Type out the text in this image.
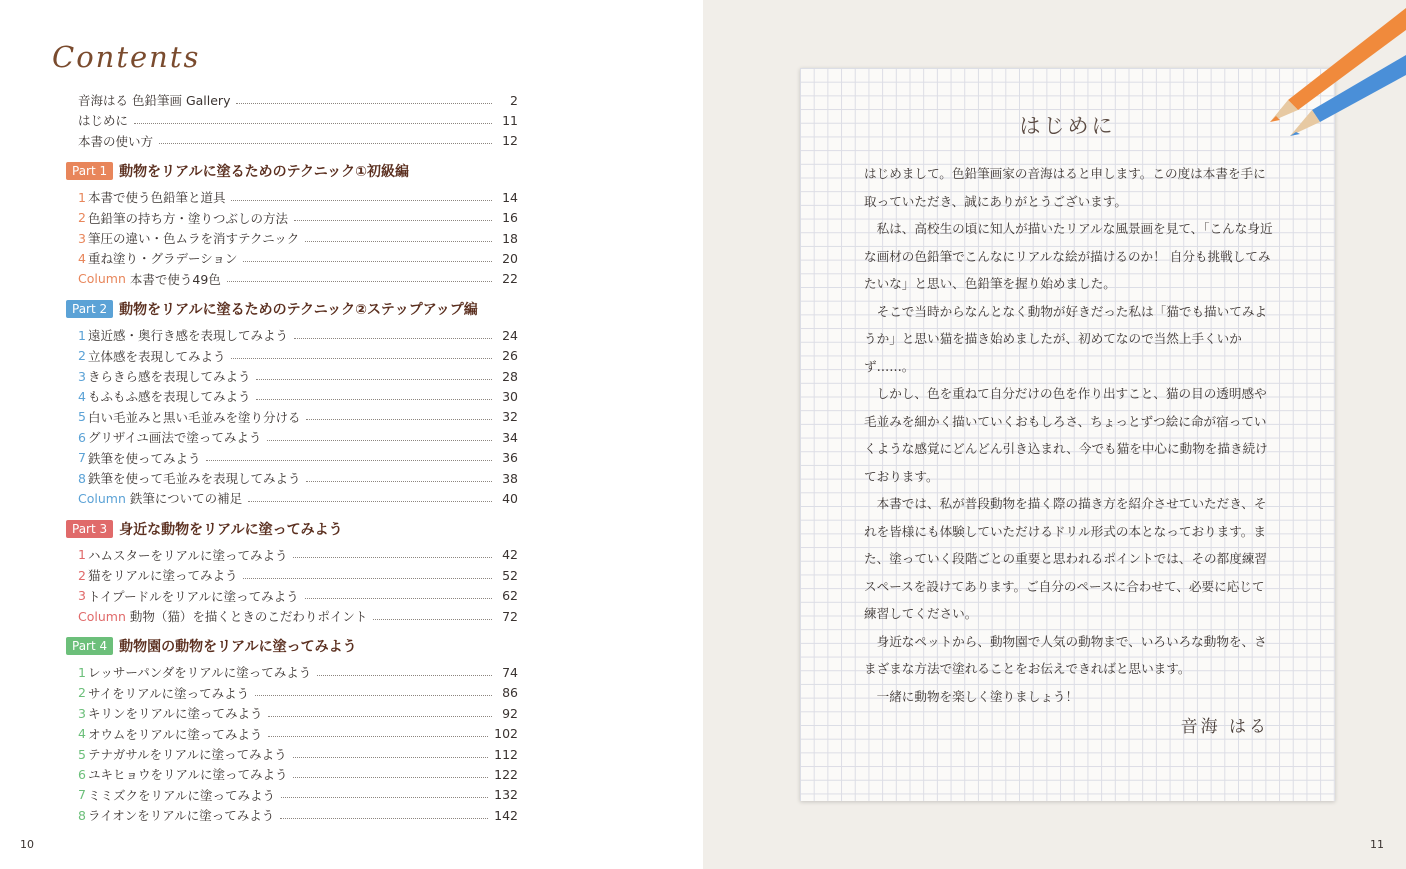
Contents
音海はる 色鉛筆画 Gallery	2
はじめに	11
本書の使い方	12
Part 1 動物をリアルに塗るためのテクニック①初級編
1 本書で使う色鉛筆と道具	14
2 色鉛筆の持ち方・塗りつぶしの方法	16
3 筆圧の違い・色ムラを消すテクニック	18
4 重ね塗り・グラデーション	20
Column 本書で使う49色	22
Part 2 動物をリアルに塗るためのテクニック②ステップアップ編
1 遠近感・奥行き感を表現してみよう	24
2 立体感を表現してみよう	26
3 きらきら感を表現してみよう	28
4 もふもふ感を表現してみよう	30
5 白い毛並みと黒い毛並みを塗り分ける	32
6 グリザイユ画法で塗ってみよう	34
7 鉄筆を使ってみよう	36
8 鉄筆を使って毛並みを表現してみよう	38
Column 鉄筆についての補足	40
Part 3 身近な動物をリアルに塗ってみよう
1 ハムスターをリアルに塗ってみよう	42
2 猫をリアルに塗ってみよう	52
3 トイプードルをリアルに塗ってみよう	62
Column 動物（猫）を描くときのこだわりポイント	72
Part 4 動物園の動物をリアルに塗ってみよう
1 レッサーパンダをリアルに塗ってみよう	74
2 サイをリアルに塗ってみよう	86
3 キリンをリアルに塗ってみよう	92
4 オウムをリアルに塗ってみよう	102
5 テナガサルをリアルに塗ってみよう	112
6 ユキヒョウをリアルに塗ってみよう	122
7 ミミズクをリアルに塗ってみよう	132
8 ライオンをリアルに塗ってみよう	142
10	11
はじめに

はじめまして。色鉛筆画家の音海はると申します。この度は本書を手に取っていただき、誠にありがとうございます。

私は、高校生の頃に知人が描いたリアルな風景画を見て、「こんな身近な画材の色鉛筆でこんなにリアルな絵が描けるのか！ 自分も挑戦してみたいな」と思い、色鉛筆を握り始めました。

そこで当時からなんとなく動物が好きだった私は「猫でも描いてみようか」と思い猫を描き始めましたが、初めてなので当然上手くいかず……。

しかし、色を重ねて自分だけの色を作り出すこと、猫の目の透明感や毛並みを細かく描いていくおもしろさ、ちょっとずつ絵に命が宿っていくような感覚にどんどん引き込まれ、今でも猫を中心に動物を描き続けております。

本書では、私が普段動物を描く際の描き方を紹介させていただき、それを皆様にも体験していただけるドリル形式の本となっております。また、塗っていく段階ごとの重要と思われるポイントでは、その都度練習スペースを設けてあります。ご自分のペースに合わせて、必要に応じて練習してください。

身近なペットから、動物園で人気の動物まで、いろいろな動物を、さまざまな方法で塗れることをお伝えできればと思います。

一緒に動物を楽しく塗りましょう！

音海 はる
